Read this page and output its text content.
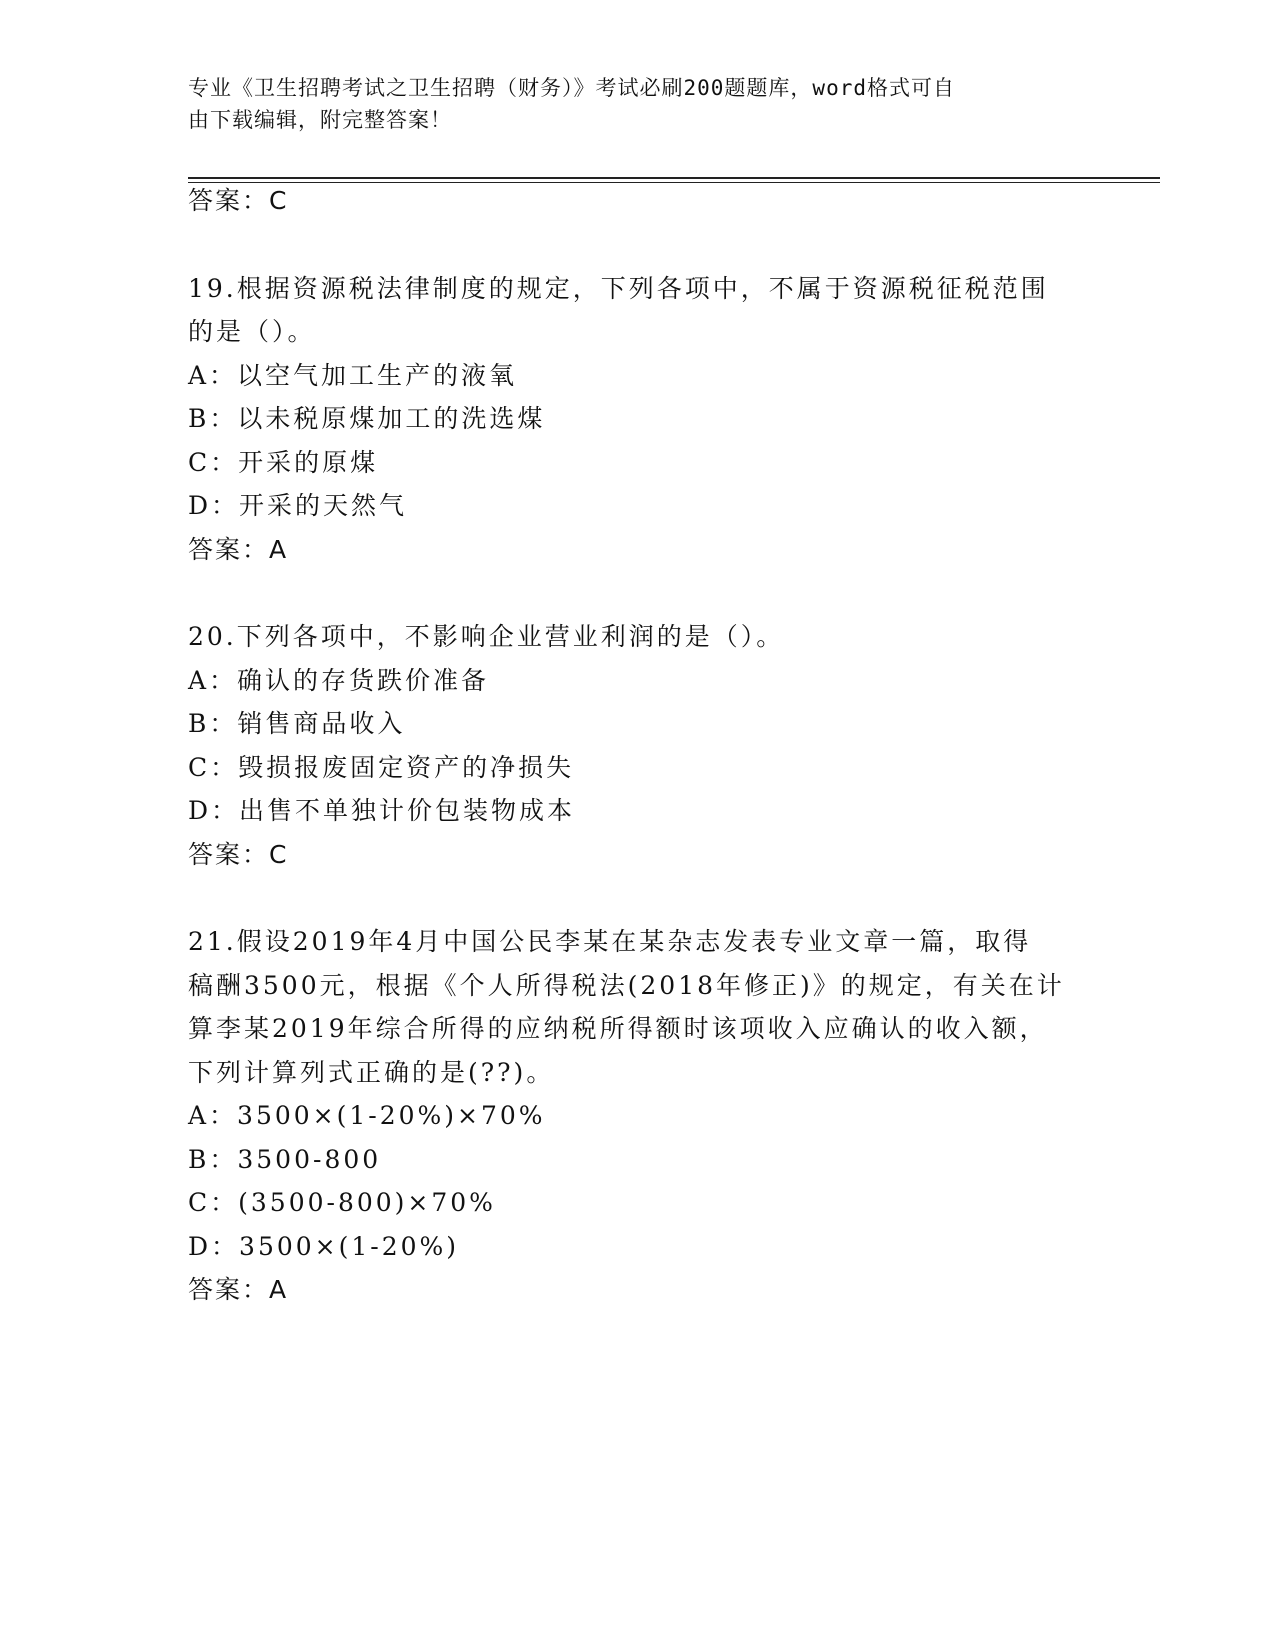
专业《卫生招聘考试之卫生招聘（财务）》考试必刷200题题库，word格式可自
由下载编辑，附完整答案！
答案：C
19.根据资源税法律制度的规定，下列各项中，不属于资源税征税范围
的是（）。
A：以空气加工生产的液氧
B：以未税原煤加工的洗选煤
C：开采的原煤
D：开采的天然气
答案：A
20.下列各项中，不影响企业营业利润的是（）。
A：确认的存货跌价准备
B：销售商品收入
C：毁损报废固定资产的净损失
D：出售不单独计价包装物成本
答案：C
21.假设2019年4月中国公民李某在某杂志发表专业文章一篇，取得
稿酬3500元，根据《个人所得税法(2018年修正)》的规定，有关在计
算李某2019年综合所得的应纳税所得额时该项收入应确认的收入额，
下列计算列式正确的是(??)。
A：3500×(1-20%)×70%
B：3500-800
C：(3500-800)×70%
D：3500×(1-20%)
答案：A
